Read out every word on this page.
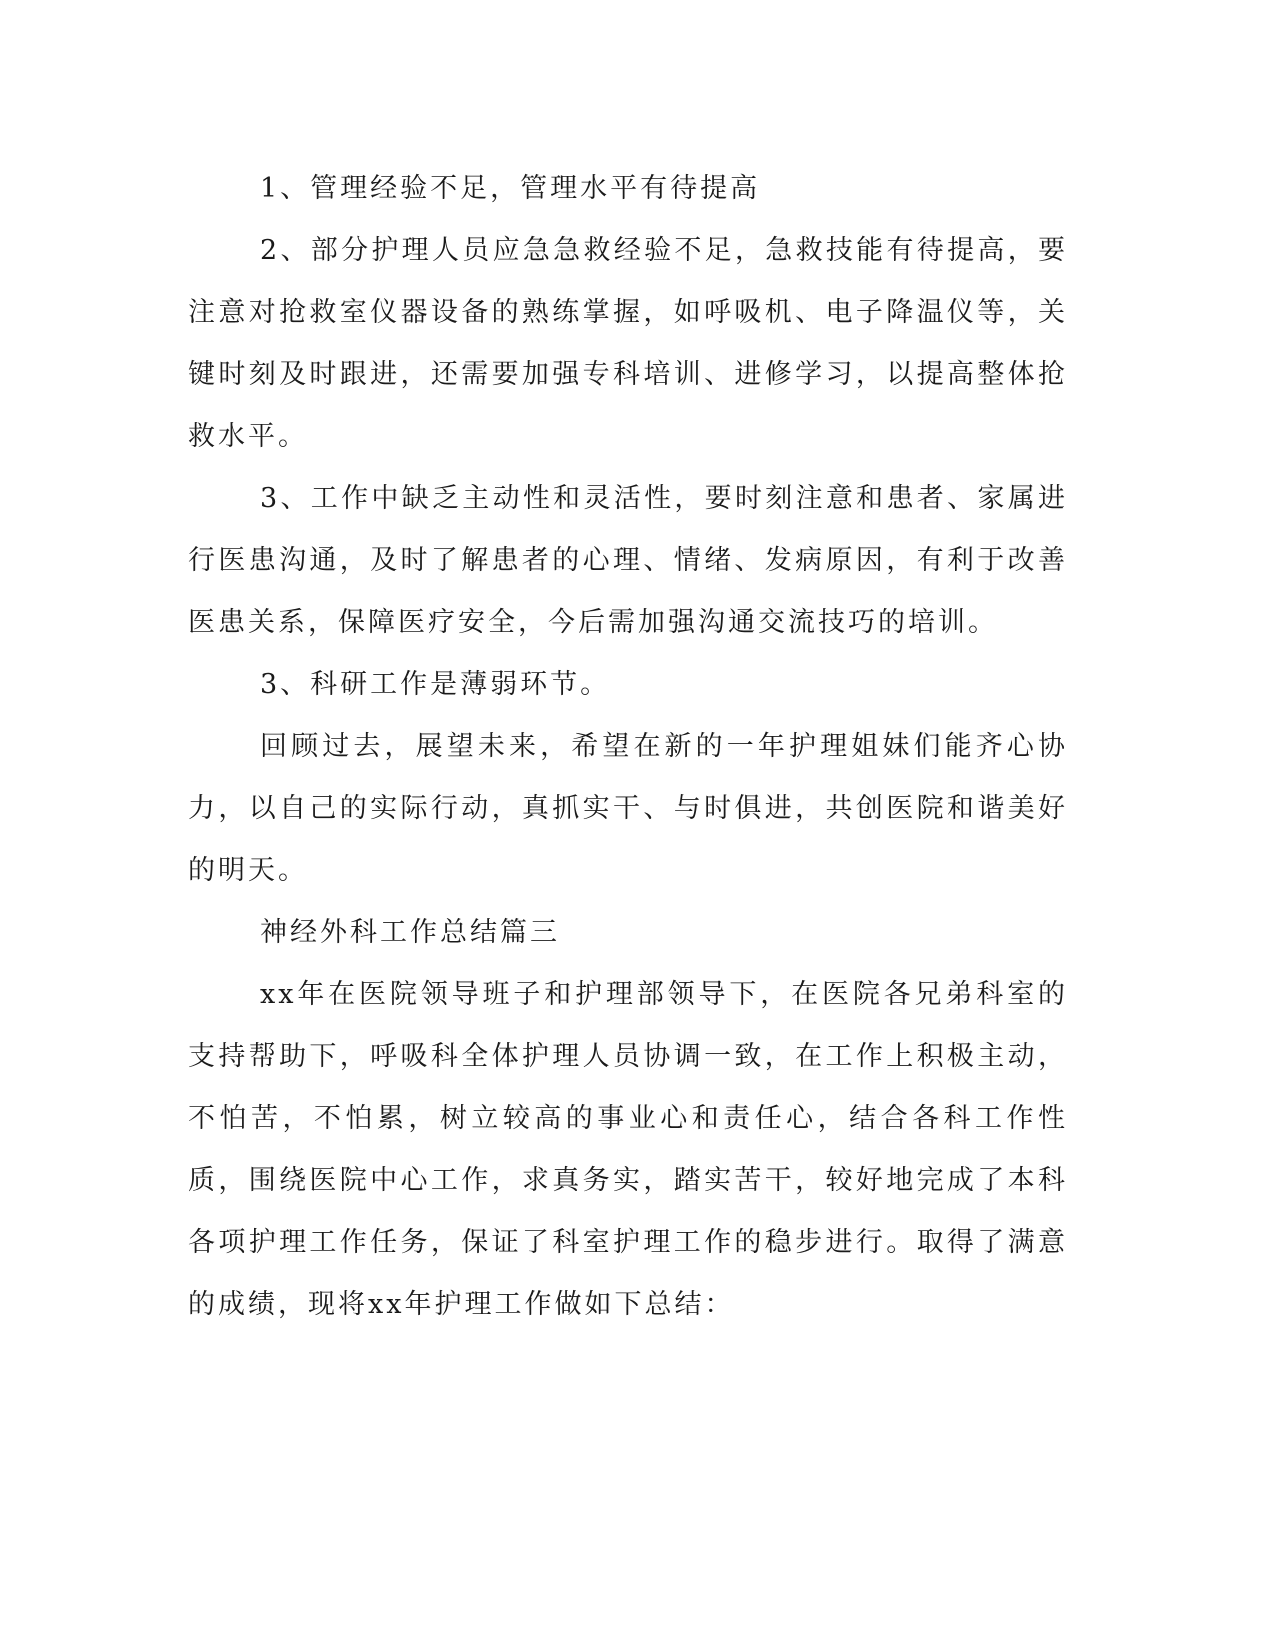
1、管理经验不足，管理水平有待提高

2、部分护理人员应急急救经验不足，急救技能有待提高，要注意对抢救室仪器设备的熟练掌握，如呼吸机、电子降温仪等，关键时刻及时跟进，还需要加强专科培训、进修学习，以提高整体抢救水平。

3、工作中缺乏主动性和灵活性，要时刻注意和患者、家属进行医患沟通，及时了解患者的心理、情绪、发病原因，有利于改善医患关系，保障医疗安全，今后需加强沟通交流技巧的培训。

3、科研工作是薄弱环节。

回顾过去，展望未来，希望在新的一年护理姐妹们能齐心协力，以自己的实际行动，真抓实干、与时俱进，共创医院和谐美好的明天。

神经外科工作总结篇三

xx年在医院领导班子和护理部领导下，在医院各兄弟科室的支持帮助下，呼吸科全体护理人员协调一致，在工作上积极主动，不怕苦，不怕累，树立较高的事业心和责任心，结合各科工作性质，围绕医院中心工作，求真务实，踏实苦干，较好地完成了本科各项护理工作任务，保证了科室护理工作的稳步进行。取得了满意的成绩，现将xx年护理工作做如下总结：
